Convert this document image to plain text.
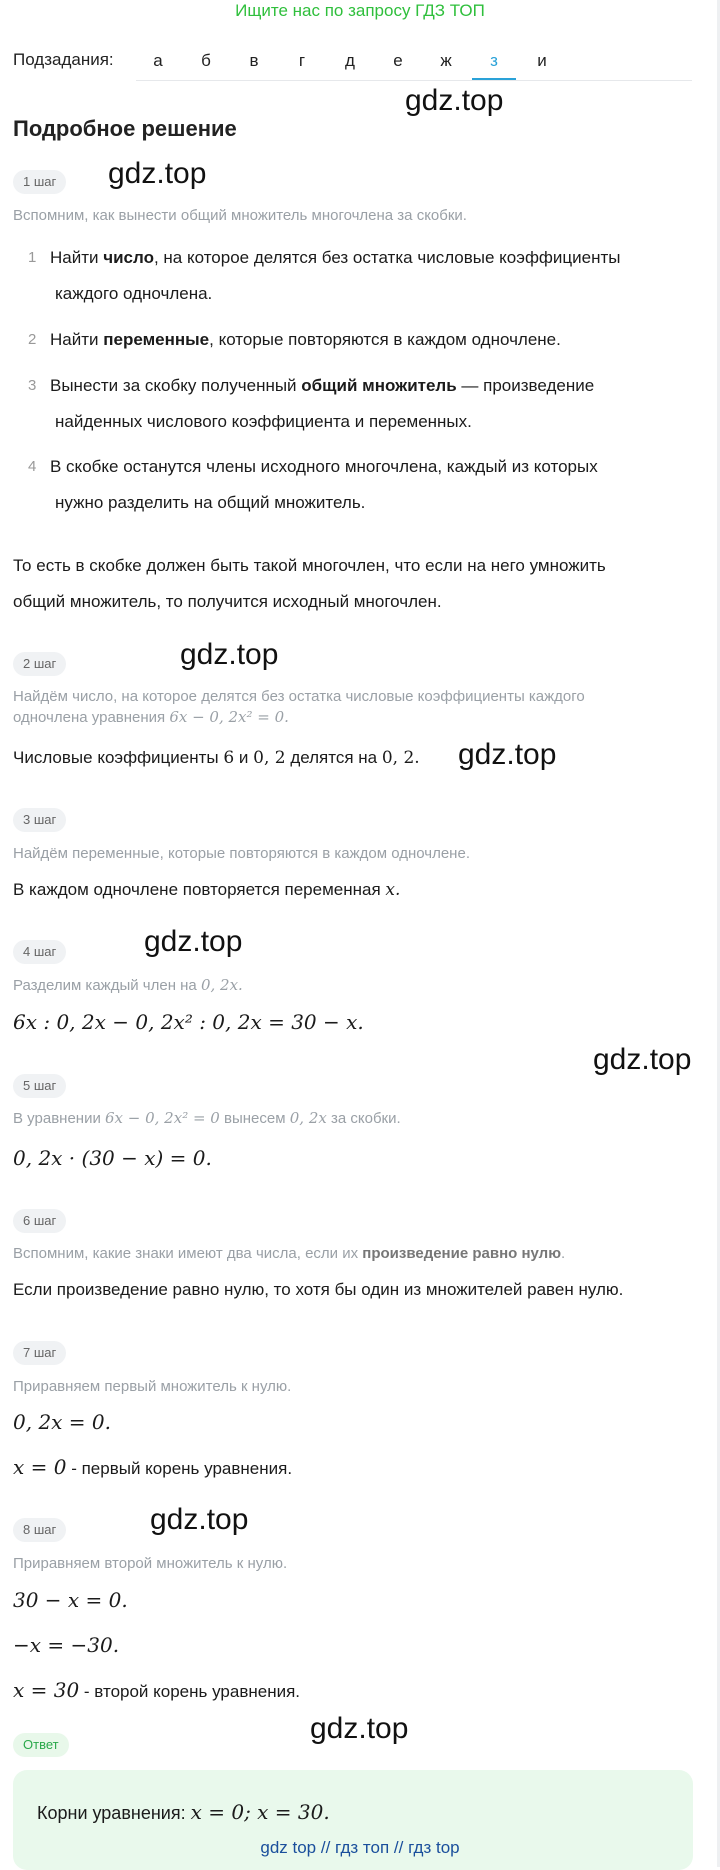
Ищите нас по запросу ГДЗ ТОП
Подзадания:	а	б	в	г	д	е	ж	з	и
gdz.top
Подробное решение
1 шаг	gdz.top
Вспомним, как вынести общий множитель многочлена за скобки.
1 Найти число, на которое делятся без остатка числовые коэффициенты
каждого одночлена.
2 Найти переменные, которые повторяются в каждом одночлене.
3 Вынести за скобку полученный общий множитель — произведение
найденных числового коэффициента и переменных.
4 В скобке останутся члены исходного многочлена, каждый из которых
нужно разделить на общий множитель.
То есть в скобке должен быть такой многочлен, что если на него умножить
общий множитель, то получится исходный многочлен.
2 шаг	gdz.top
Найдём число, на которое делятся без остатка числовые коэффициенты каждого
одночлена уравнения 6x − 0, 2x² = 0.
Числовые коэффициенты 6 и 0, 2 делятся на 0, 2.	gdz.top
3 шаг
Найдём переменные, которые повторяются в каждом одночлене.
В каждом одночлене повторяется переменная x.
4 шаг	gdz.top
Разделим каждый член на 0, 2x.
6x : 0, 2x − 0, 2x² : 0, 2x = 30 − x.
gdz.top
5 шаг
В уравнении 6x − 0, 2x² = 0 вынесем 0, 2x за скобки.
0, 2x · (30 − x) = 0.
6 шаг
Вспомним, какие знаки имеют два числа, если их произведение равно нулю.
Если произведение равно нулю, то хотя бы один из множителей равен нулю.
7 шаг
Приравняем первый множитель к нулю.
0, 2x = 0.
x = 0 - первый корень уравнения.
8 шаг	gdz.top
Приравняем второй множитель к нулю.
30 − x = 0.
−x = −30.
x = 30 - второй корень уравнения.
gdz.top
Ответ
Корни уравнения: x = 0; x = 30.
gdz top // гдз топ // гдз top
